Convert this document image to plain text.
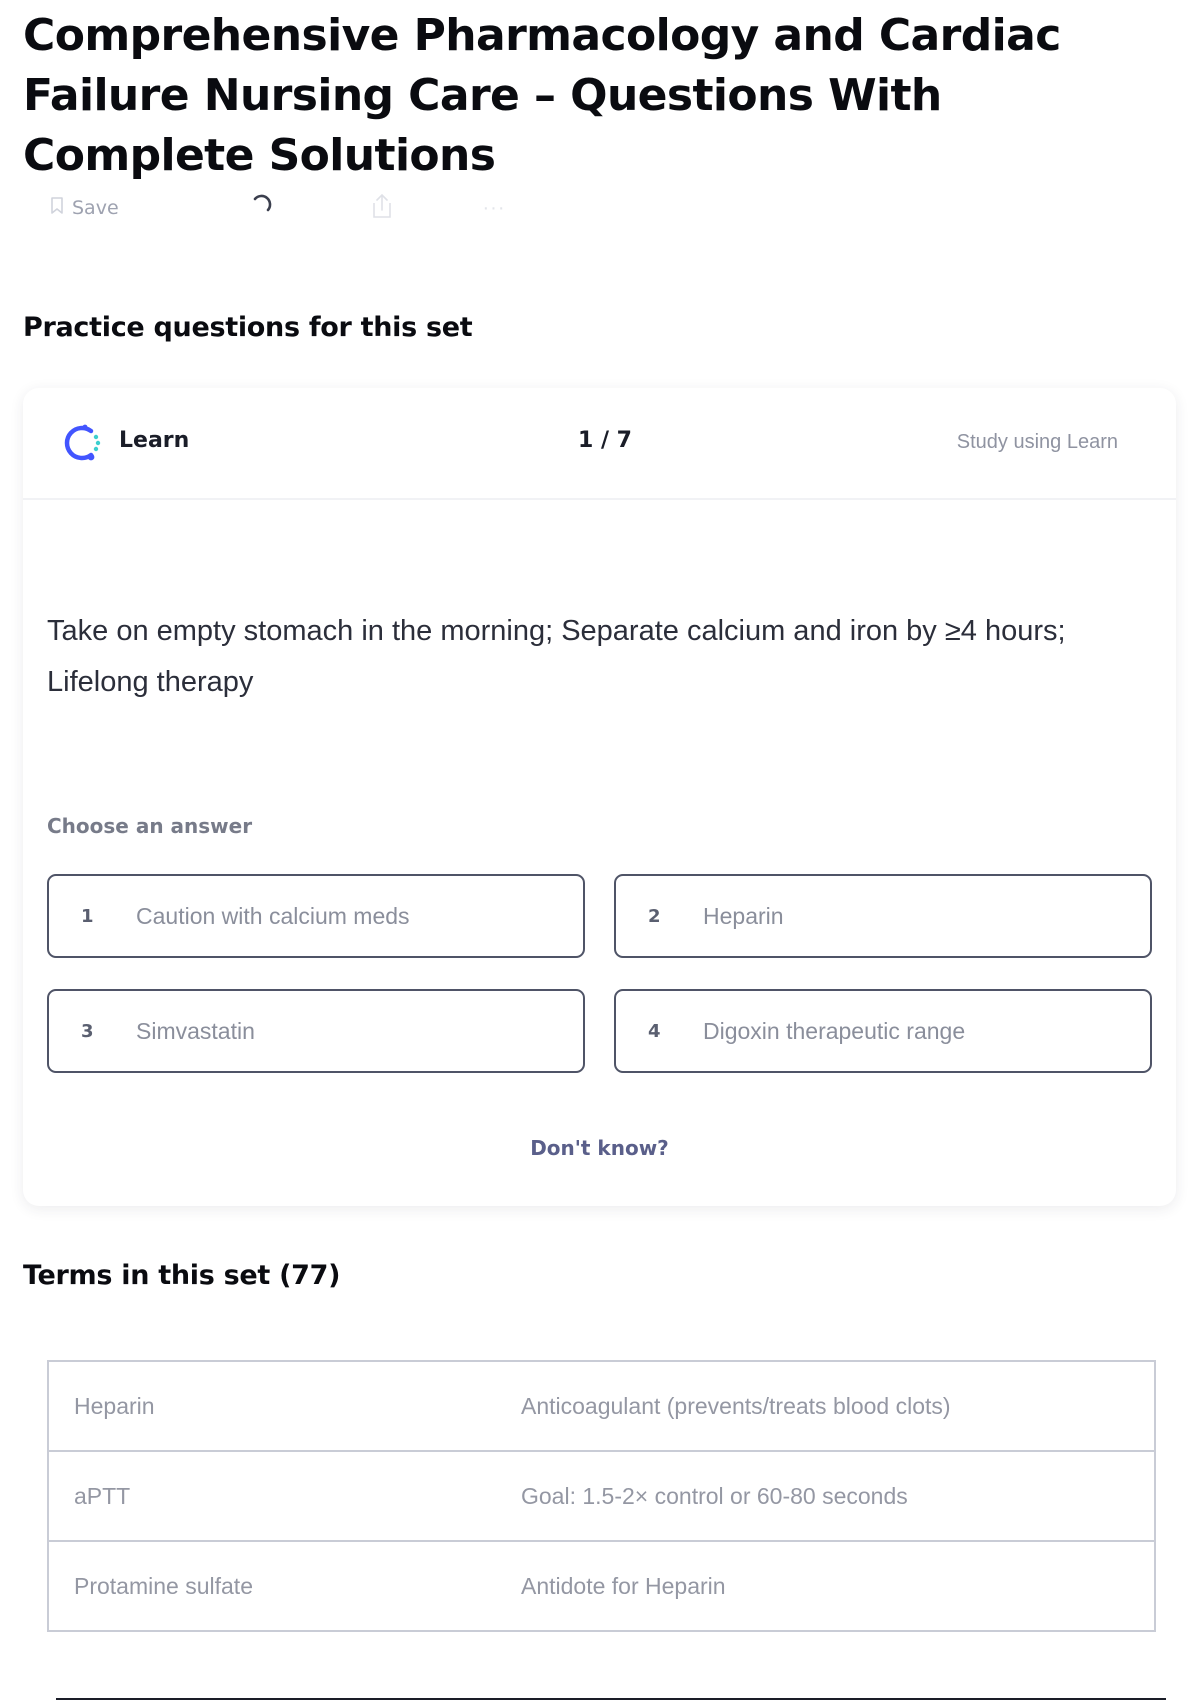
Comprehensive Pharmacology and Cardiac Failure Nursing Care – Questions With Complete Solutions
Save	···
Practice questions for this set
Learn	1 / 7	Study using Learn

Take on empty stomach in the morning; Separate calcium and iron by ≥4 hours; Lifelong therapy

Choose an answer
1	Caution with calcium meds	2	Heparin
3	Simvastatin	4	Digoxin therapeutic range
Don't know?
Terms in this set (77)
Heparin	Anticoagulant (prevents/treats blood clots)
aPTT	Goal: 1.5-2× control or 60-80 seconds
Protamine sulfate	Antidote for Heparin
